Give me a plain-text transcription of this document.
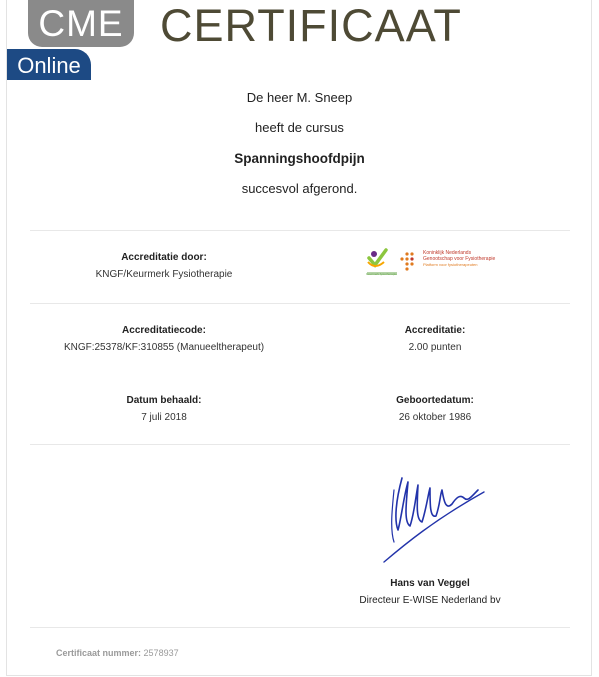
CME
Online
CERTIFICAAT
De heer M. Sneep
heeft de cursus
Spanningshoofdpijn
succesvol afgerond.
Accreditatie door:
KNGF/Keurmerk Fysiotherapie
Koninklijk Nederlands
Genootschap voor Fysiotherapie
Platform voor fysiotherapeuten
Keurmerk fysiotherapie
Accreditatiecode:
KNGF:25378/KF:310855 (Manueeltherapeut)
Accreditatie:
2.00 punten
Datum behaald:
7 juli 2018
Geboortedatum:
26 oktober 1986
Hans van Veggel
Directeur E-WISE Nederland bv
Certificaat nummer: 2578937
